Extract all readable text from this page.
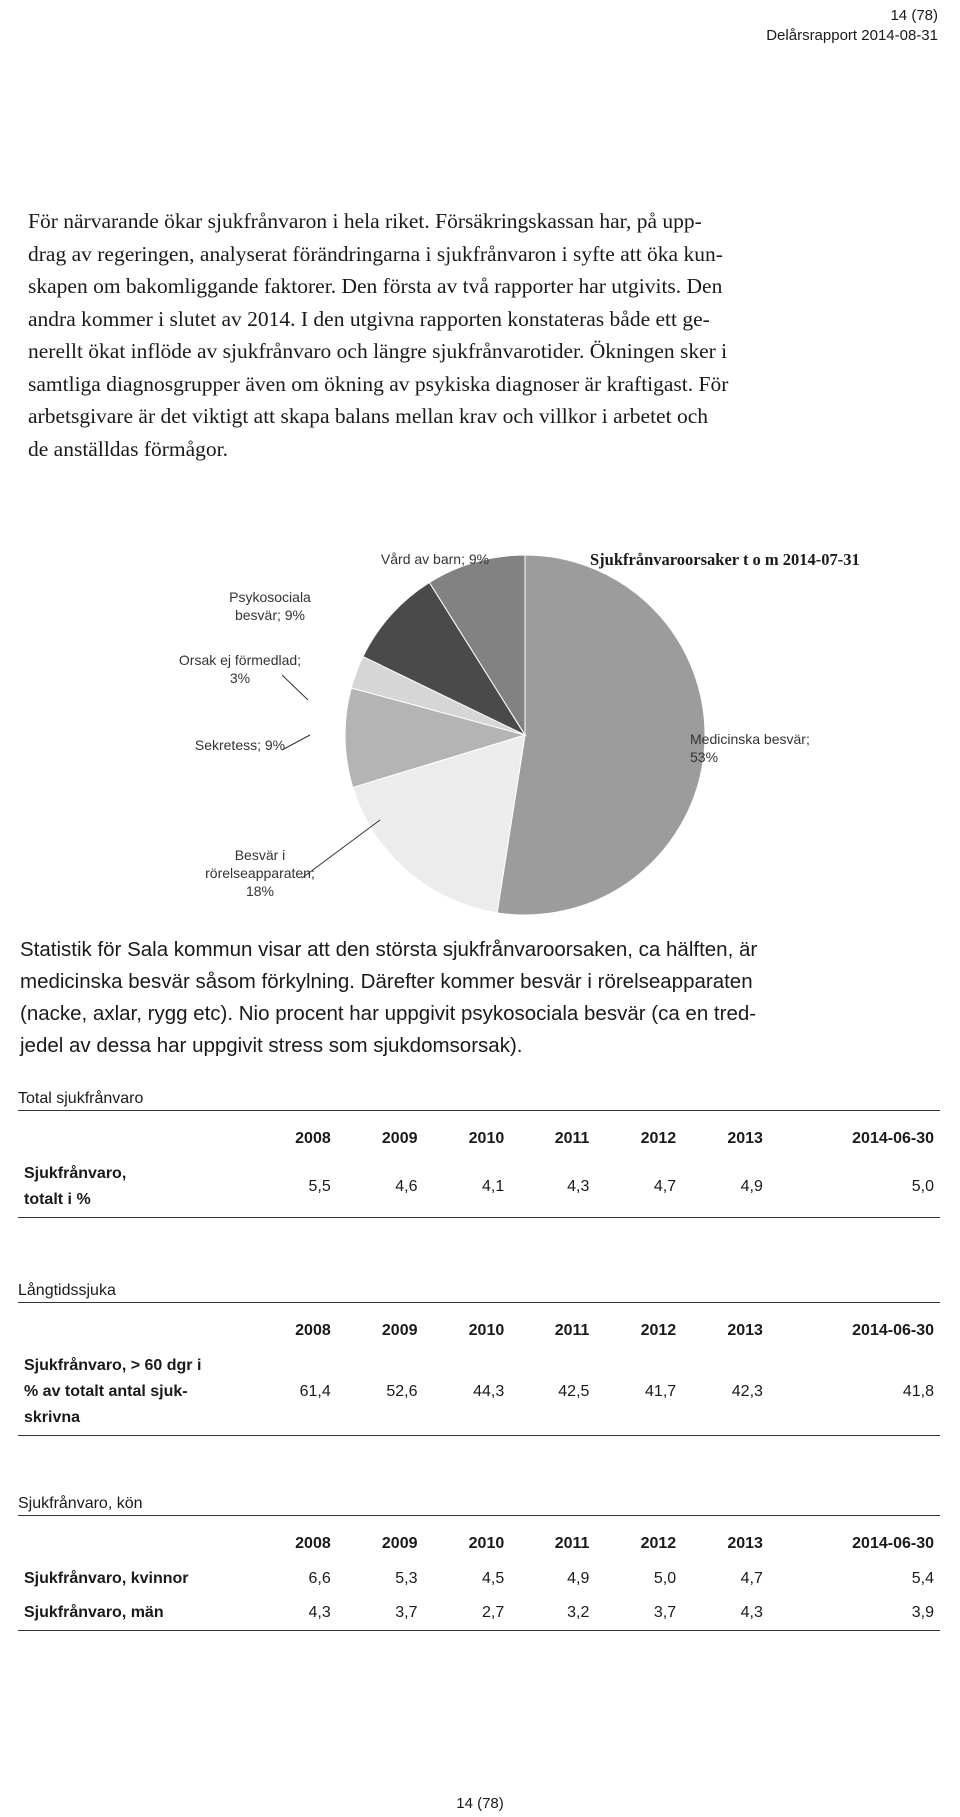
14 (78)
Delårsrapport 2014-08-31

För närvarande ökar sjukfrånvaron i hela riket. Försäkringskassan har, på upp-
drag av regeringen, analyserat förändringarna i sjukfrånvaron i syfte att öka kun-
skapen om bakomliggande faktorer. Den första av två rapporter har utgivits. Den
andra kommer i slutet av 2014. I den utgivna rapporten konstateras både ett ge-
nerellt ökat inflöde av sjukfrånvaro och längre sjukfrånvarotider. Ökningen sker i
samtliga diagnosgrupper även om ökning av psykiska diagnoser är kraftigast. För
arbetsgivare är det viktigt att skapa balans mellan krav och villkor i arbetet och
de anställdas förmågor.

Sjukfrånvaroorsaker t o m 2014-07-31
Medicinska besvär; 53%
Besvär i rörelseapparaten; 18%
Sekretess; 9%
Orsak ej förmedlad; 3%
Psykosociala besvär; 9%
Vård av barn; 9%

Statistik för Sala kommun visar att den största sjukfrånvaroorsaken, ca hälften, är
medicinska besvär såsom förkylning. Därefter kommer besvär i rörelseapparaten
(nacke, axlar, rygg etc). Nio procent har uppgivit psykosociala besvär (ca en tred-
jedel av dessa har uppgivit stress som sjukdomsorsak).

Total sjukfrånvaro
	2008	2009	2010	2011	2012	2013	2014-06-30

Sjukfrånvaro,
totalt i %	5,5	4,6	4,1	4,3	4,7	4,9	5,0
Långtidssjuka
	2008	2009	2010	2011	2012	2013	2014-06-30

Sjukfrånvaro, > 60 dgr i
% av totalt antal sjuk-
skrivna	61,4	52,6	44,3	42,5	41,7	42,3	41,8
Sjukfrånvaro, kön
	2008	2009	2010	2011	2012	2013	2014-06-30
Sjukfrånvaro, kvinnor	6,6	5,3	4,5	4,9	5,0	4,7	5,4
Sjukfrånvaro, män	4,3	3,7	2,7	3,2	3,7	4,3	3,9
14 (78)
